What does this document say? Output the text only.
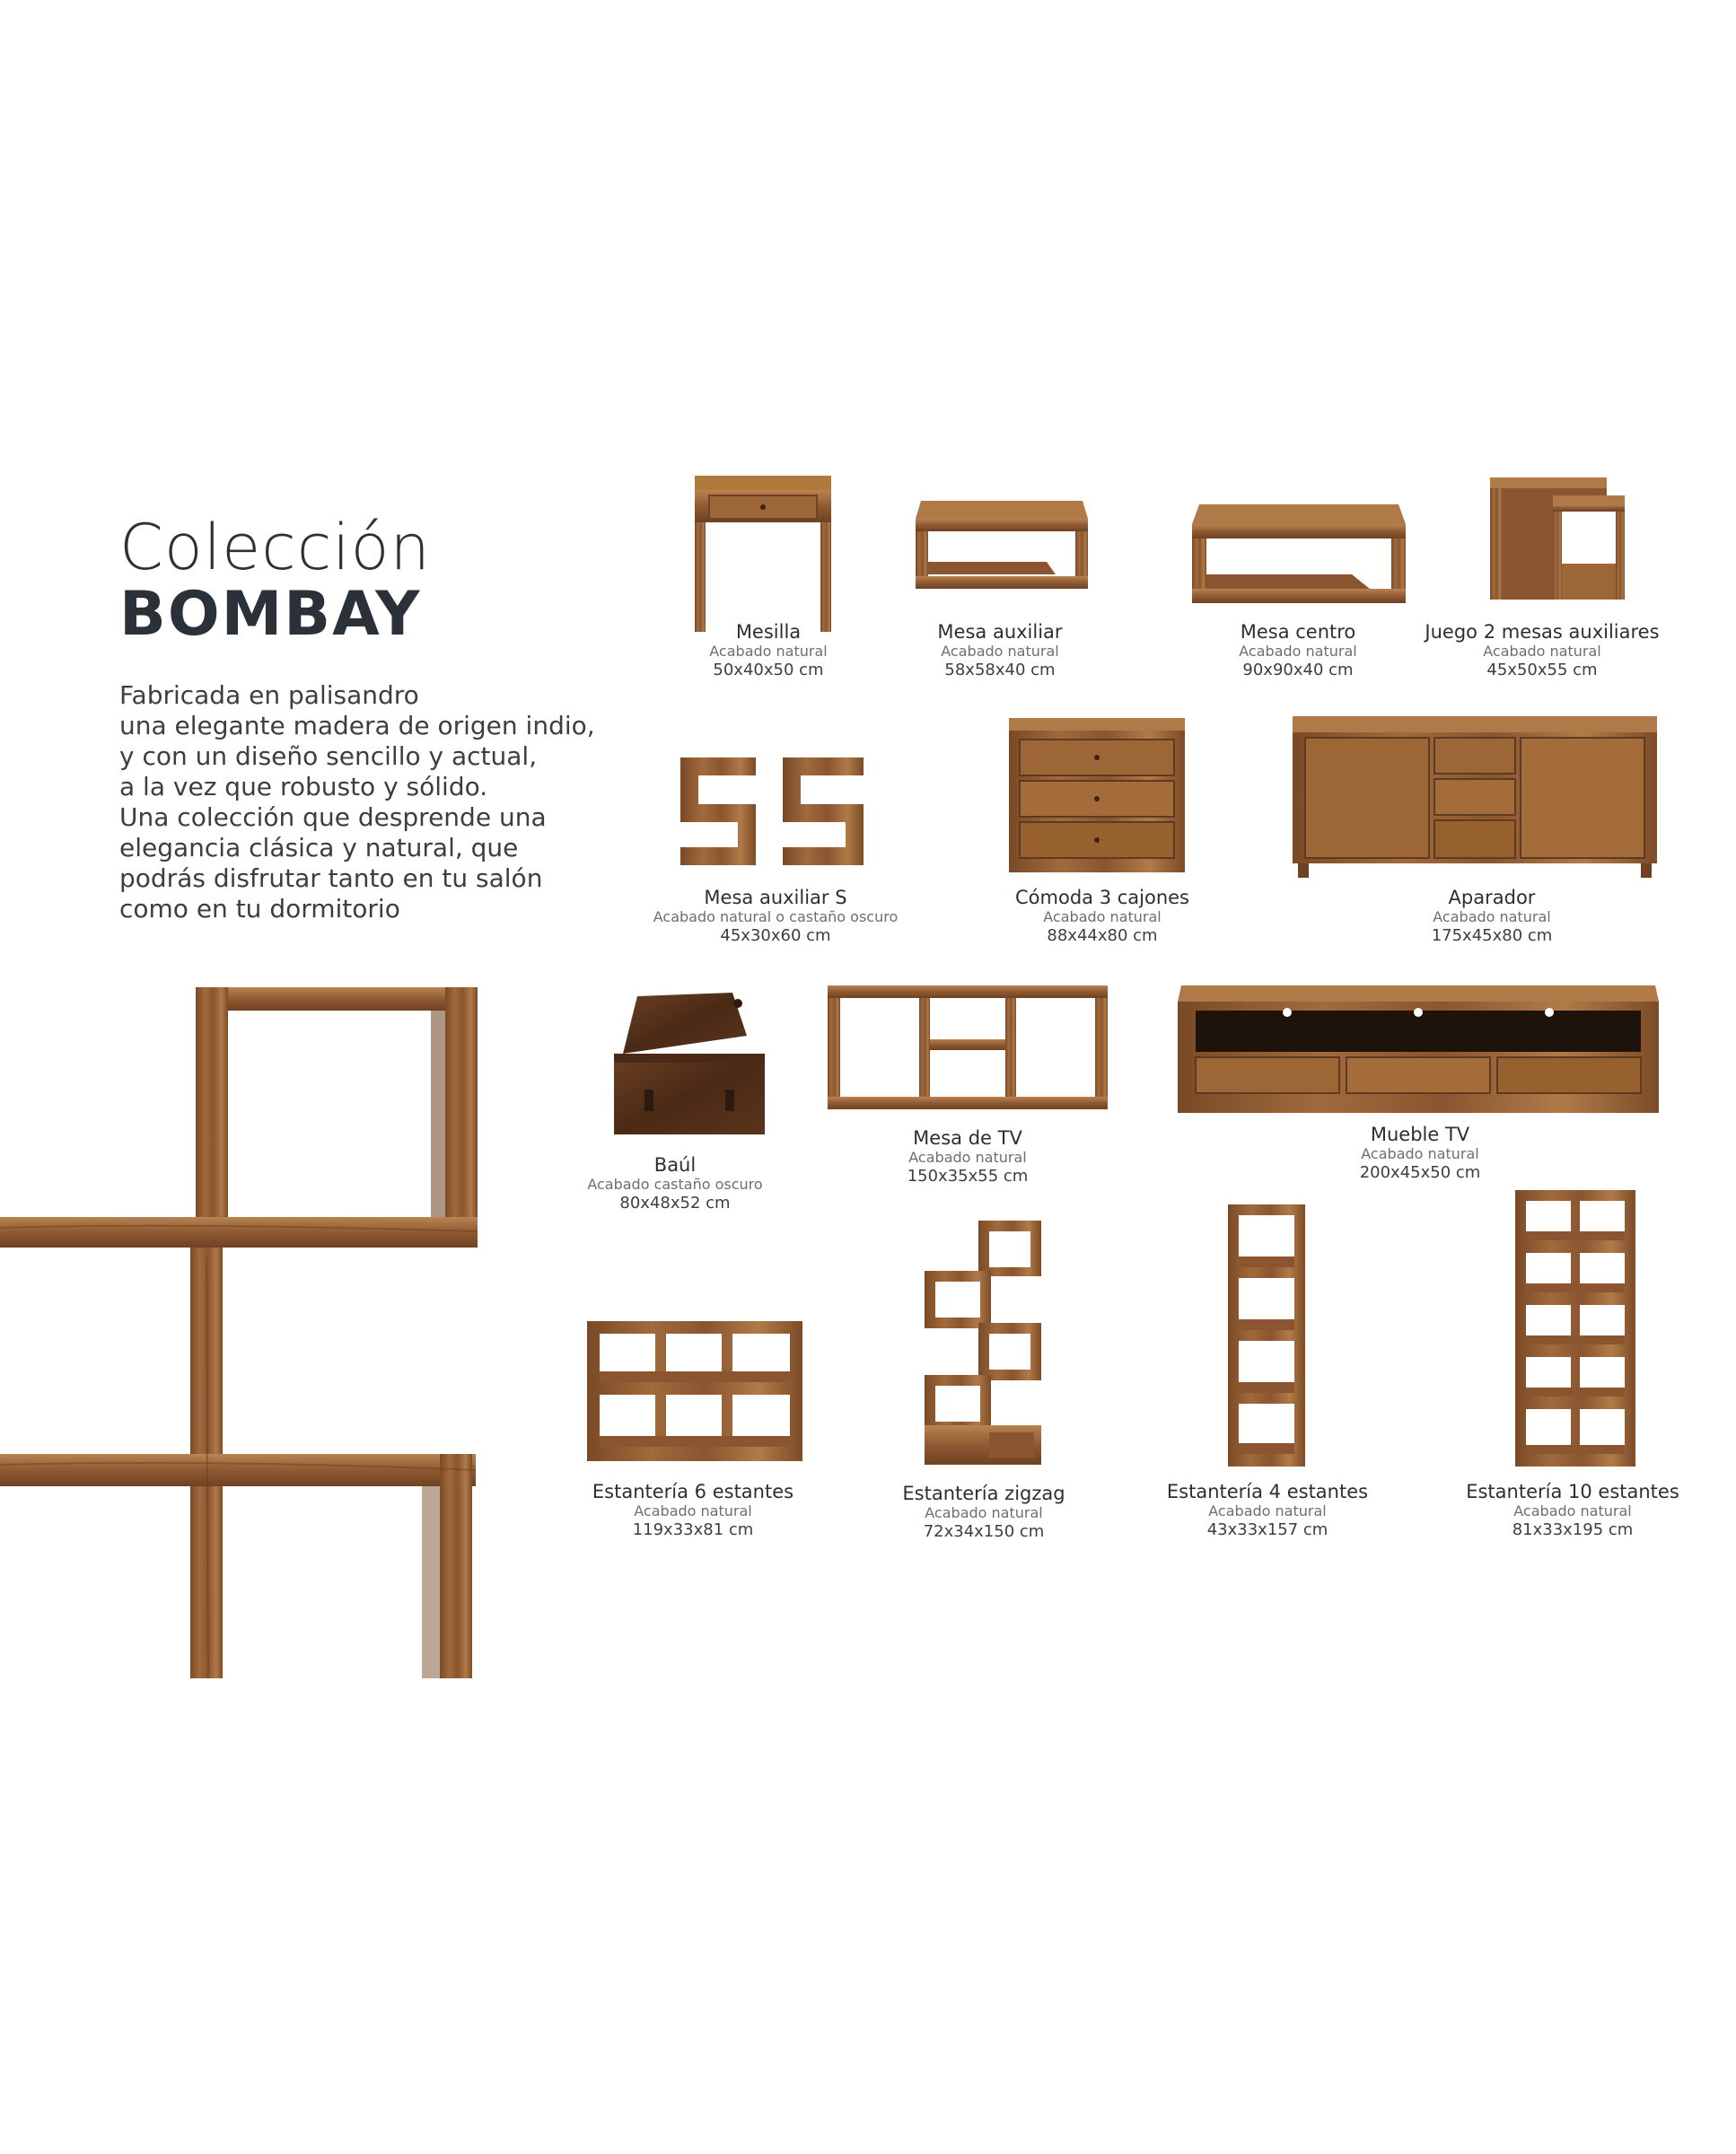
Colección
BOMBAY
Fabricada en palisandro
una elegante madera de origen indio,
y con un diseño sencillo y actual,
a la vez que robusto y sólido.
Una colección que desprende una
elegancia clásica y natural, que
podrás disfrutar tanto en tu salón
como en tu dormitorio
Mesilla
Acabado natural
50x40x50 cm
Mesa auxiliar
Acabado natural
58x58x40 cm
Mesa centro
Acabado natural
90x90x40 cm
Juego 2 mesas auxiliares
Acabado natural
45x50x55 cm
Mesa auxiliar S
Acabado natural o castaño oscuro
45x30x60 cm
Cómoda 3 cajones
Acabado natural
88x44x80 cm
Aparador
Acabado natural
175x45x80 cm
Baúl
Acabado castaño oscuro
80x48x52 cm
Mesa de TV
Acabado natural
150x35x55 cm
Mueble TV
Acabado natural
200x45x50 cm
Estantería 6 estantes
Acabado natural
119x33x81 cm
Estantería zigzag
Acabado natural
72x34x150 cm
Estantería 4 estantes
Acabado natural
43x33x157 cm
Estantería 10 estantes
Acabado natural
81x33x195 cm
